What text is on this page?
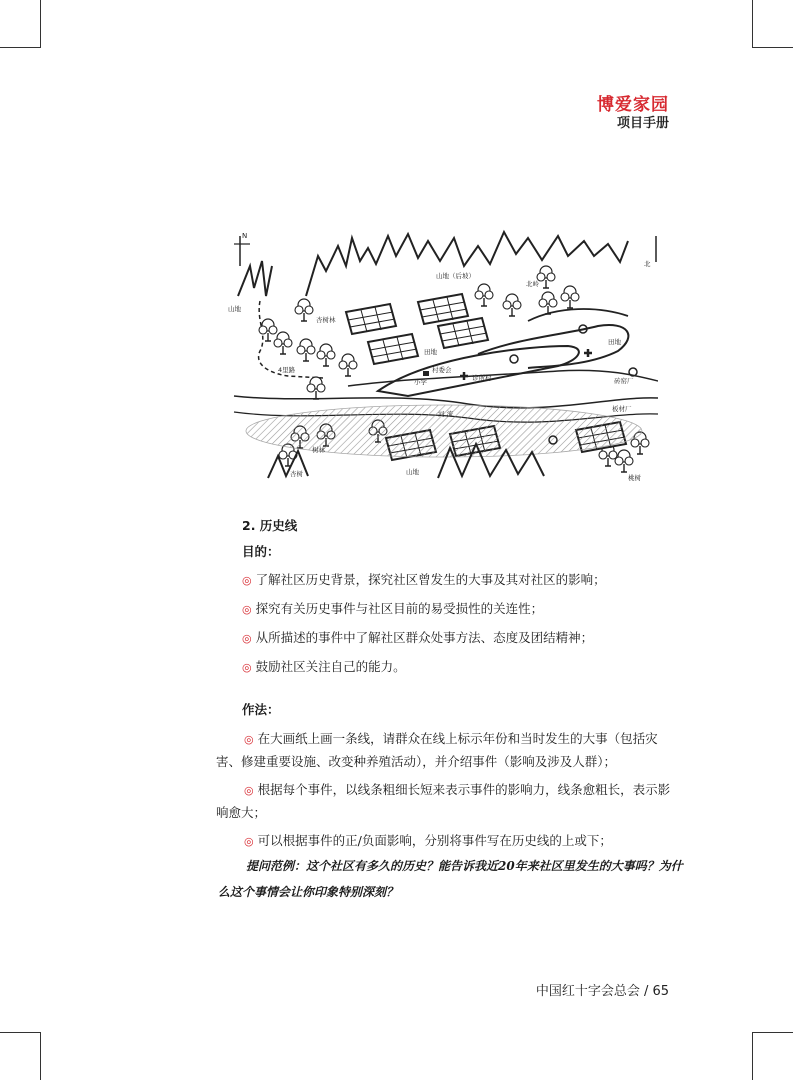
博爱家园
项目手册
N
山地（后坡）
山地
山地
北岭
北
杏树林
4里路
田地
小学
村委会
诊所村
田地
砖窑厂
板材厂
河 流
树林
杏树	桃树
2. 历史线
目的：
◎ 了解社区历史背景，探究社区曾发生的大事及其对社区的影响；
◎ 探究有关历史事件与社区目前的易受损性的关连性；
◎ 从所描述的事件中了解社区群众处事方法、态度及团结精神；
◎ 鼓励社区关注自己的能力。
作法：
◎ 在大画纸上画一条线，请群众在线上标示年份和当时发生的大事（包括灾害、修建重要设施、改变种养殖活动），并介绍事件（影响及涉及人群）；
◎ 根据每个事件，以线条粗细长短来表示事件的影响力，线条愈粗长，表示影响愈大；
◎ 可以根据事件的正/负面影响，分别将事件写在历史线的上或下；
提问范例：这个社区有多久的历史？能告诉我近20年来社区里发生的大事吗？为什么这个事情会让你印象特别深刻？
中国红十字会总会 / 65
